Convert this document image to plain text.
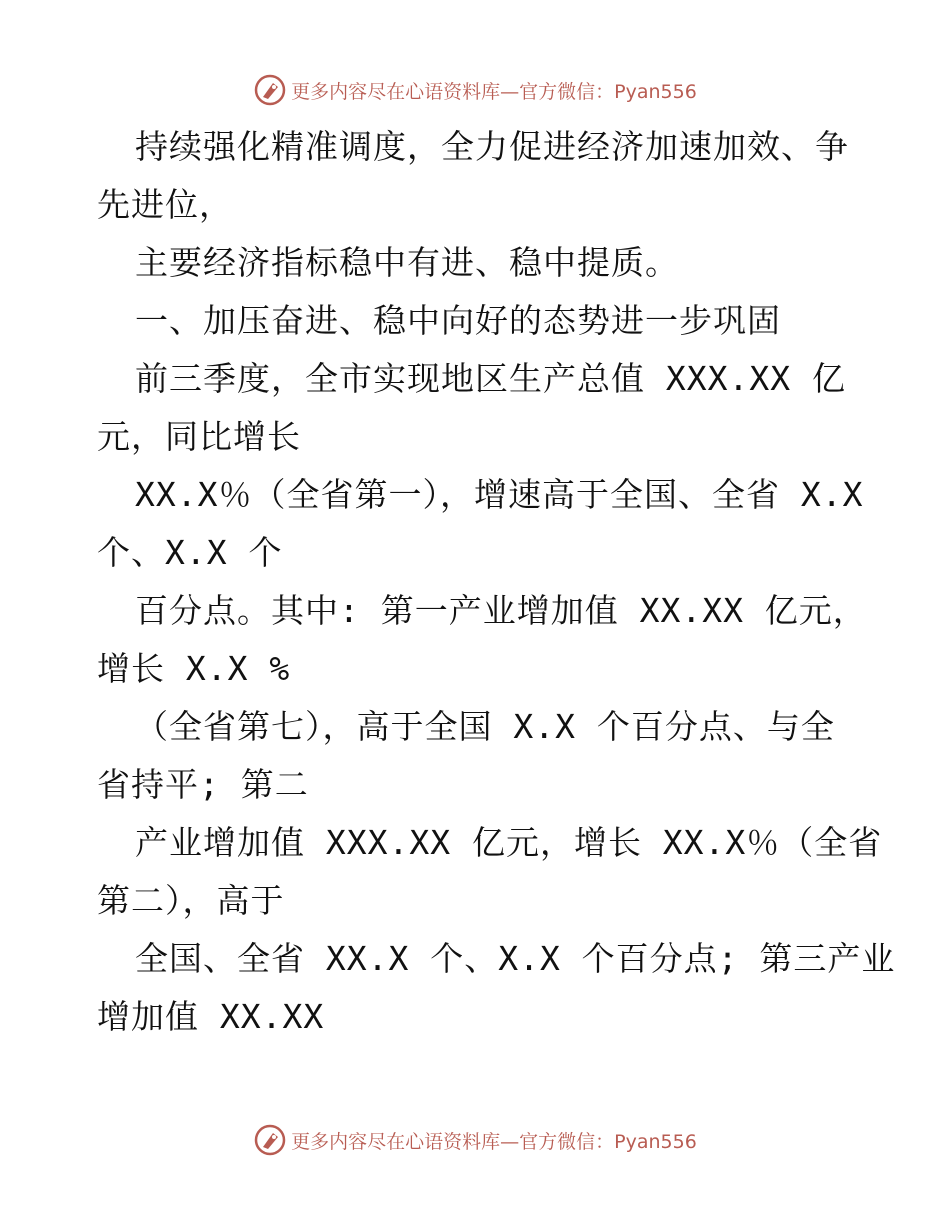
更多内容尽在心语资料库—官方微信：Pyan556
持续强化精准调度，全力促进经济加速加效、争
先进位，
主要经济指标稳中有进、稳中提质。
一、加压奋进、稳中向好的态势进一步巩固
前三季度，全市实现地区生产总值 XXX.XX 亿
元，同比增长
XX.X％（全省第一），增速高于全国、全省 X.X
个、X.X 个
百分点。其中: 第一产业增加值 XX.XX 亿元，
增长 X.X %
（全省第七），高于全国 X.X 个百分点、与全
省持平; 第二
产业增加值 XXX.XX 亿元，增长 XX.X％（全省
第二），高于
全国、全省 XX.X 个、X.X 个百分点; 第三产业
增加值 XX.XX
更多内容尽在心语资料库—官方微信：Pyan556
